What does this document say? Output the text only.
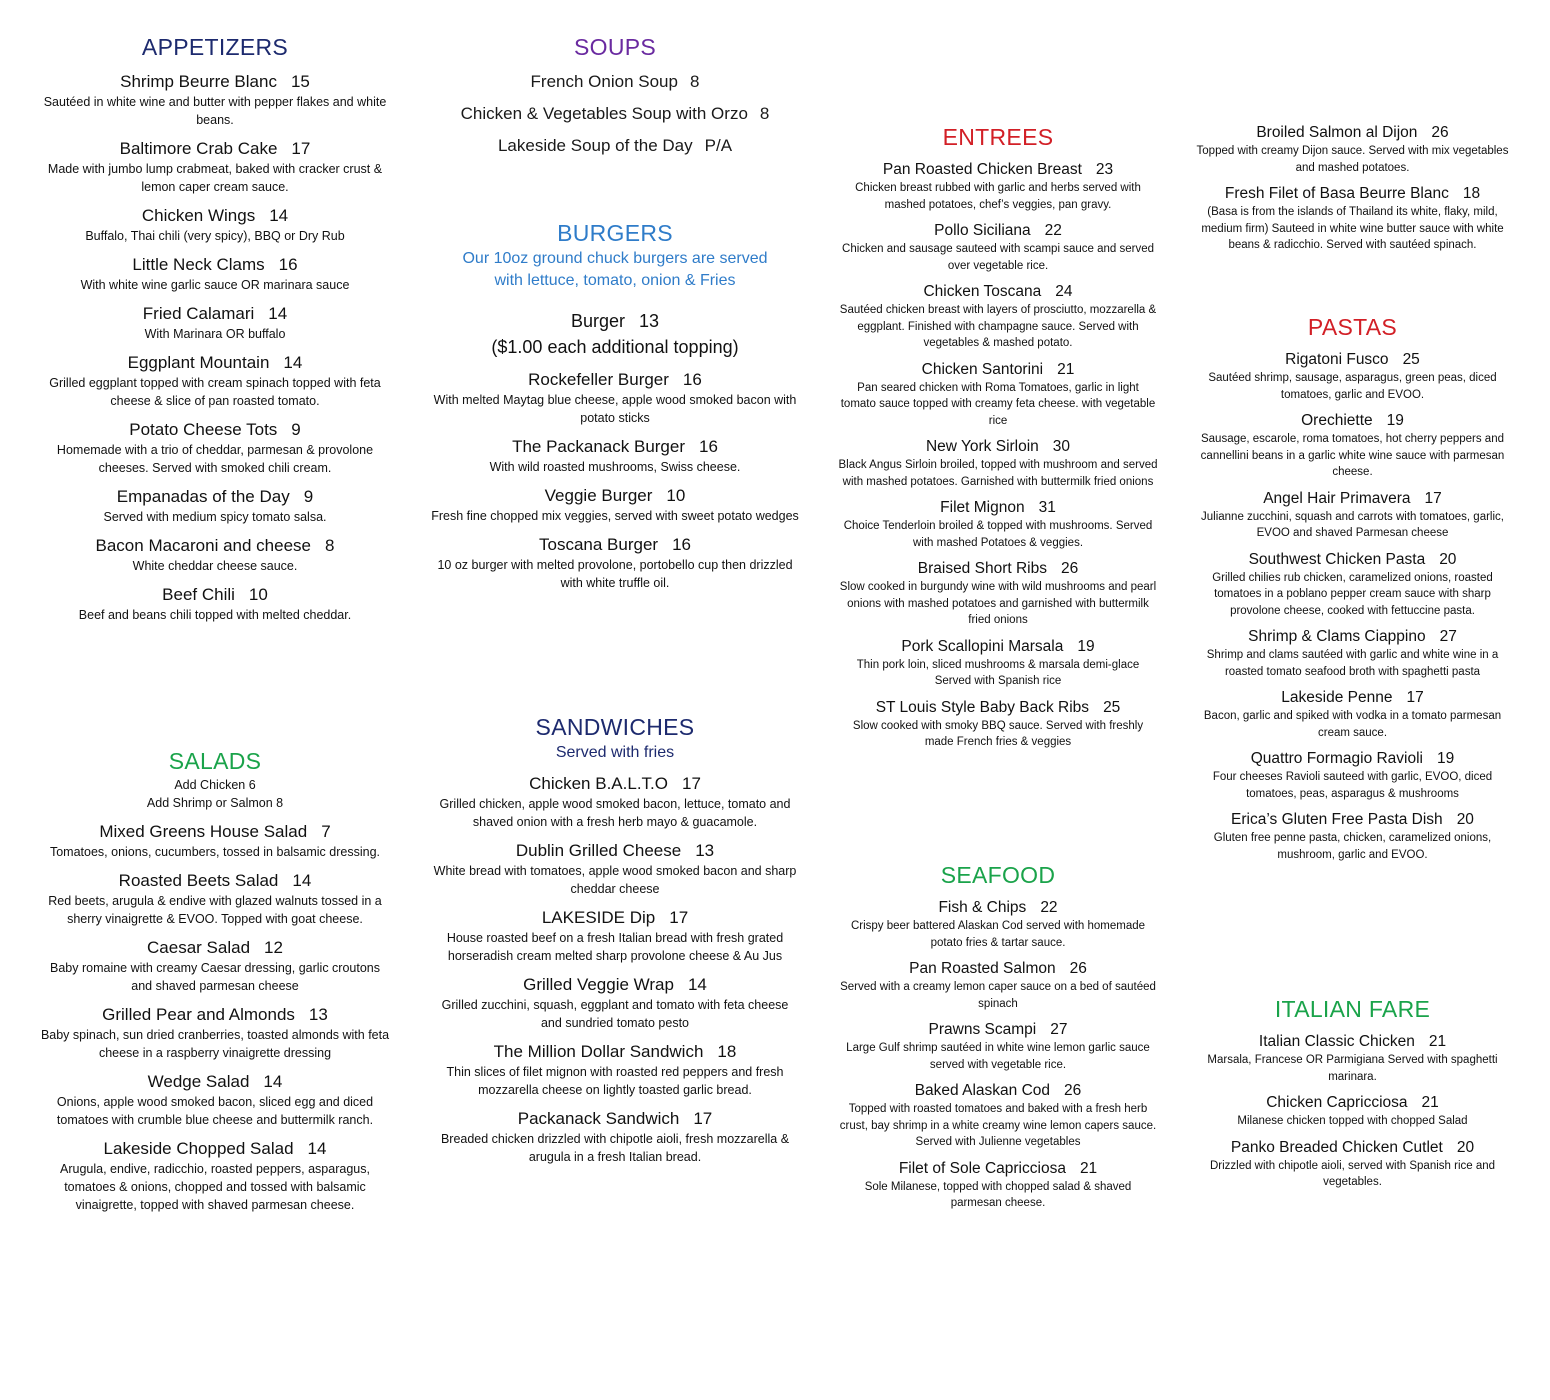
APPETIZERS
Shrimp Beurre Blanc 15
Sautéed in white wine and butter with pepper flakes and white beans.
Baltimore Crab Cake 17
Made with jumbo lump crabmeat, baked with cracker crust & lemon caper cream sauce.
Chicken Wings 14
Buffalo, Thai chili (very spicy), BBQ or Dry Rub
Little Neck Clams 16
With white wine garlic sauce OR marinara sauce
Fried Calamari 14
With Marinara OR buffalo
Eggplant Mountain 14
Grilled eggplant topped with cream spinach topped with feta cheese & slice of pan roasted tomato.
Potato Cheese Tots 9
Homemade with a trio of cheddar, parmesan & provolone cheeses. Served with smoked chili cream.
Empanadas of the Day 9
Served with medium spicy tomato salsa.
Bacon Macaroni and cheese 8
White cheddar cheese sauce.
Beef Chili 10
Beef and beans chili topped with melted cheddar.
SALADS
Add Chicken 6
Add Shrimp or Salmon 8
Mixed Greens House Salad 7
Tomatoes, onions, cucumbers, tossed in balsamic dressing.
Roasted Beets Salad 14
Red beets, arugula & endive with glazed walnuts tossed in a sherry vinaigrette & EVOO. Topped with goat cheese.
Caesar Salad 12
Baby romaine with creamy Caesar dressing, garlic croutons and shaved parmesan cheese
Grilled Pear and Almonds 13
Baby spinach, sun dried cranberries, toasted almonds with feta cheese in a raspberry vinaigrette dressing
Wedge Salad 14
Onions, apple wood smoked bacon, sliced egg and diced tomatoes with crumble blue cheese and buttermilk ranch.
Lakeside Chopped Salad 14
Arugula, endive, radicchio, roasted peppers, asparagus, tomatoes & onions, chopped and tossed with balsamic vinaigrette, topped with shaved parmesan cheese.
SOUPS
French Onion Soup 8
Chicken & Vegetables Soup with Orzo 8
Lakeside Soup of the Day P/A
BURGERS
Our 10oz ground chuck burgers are served with lettuce, tomato, onion & Fries
Burger 13
($1.00 each additional topping)
Rockefeller Burger 16
With melted Maytag blue cheese, apple wood smoked bacon with potato sticks
The Packanack Burger 16
With wild roasted mushrooms, Swiss cheese.
Veggie Burger 10
Fresh fine chopped mix veggies, served with sweet potato wedges
Toscana Burger 16
10 oz burger with melted provolone, portobello cup then drizzled with white truffle oil.
SANDWICHES
Served with fries
Chicken B.A.L.T.O 17
Grilled chicken, apple wood smoked bacon, lettuce, tomato and shaved onion with a fresh herb mayo & guacamole.
Dublin Grilled Cheese 13
White bread with tomatoes, apple wood smoked bacon and sharp cheddar cheese
LAKESIDE Dip 17
House roasted beef on a fresh Italian bread with fresh grated horseradish cream melted sharp provolone cheese & Au Jus
Grilled Veggie Wrap 14
Grilled zucchini, squash, eggplant and tomato with feta cheese and sundried tomato pesto
The Million Dollar Sandwich 18
Thin slices of filet mignon with roasted red peppers and fresh mozzarella cheese on lightly toasted garlic bread.
Packanack Sandwich 17
Breaded chicken drizzled with chipotle aioli, fresh mozzarella & arugula in a fresh Italian bread.
ENTREES
Pan Roasted Chicken Breast 23
Chicken breast rubbed with garlic and herbs served with mashed potatoes, chef’s veggies, pan gravy.
Pollo Siciliana 22
Chicken and sausage sauteed with scampi sauce and served over vegetable rice.
Chicken Toscana 24
Sautéed chicken breast with layers of prosciutto, mozzarella & eggplant. Finished with champagne sauce. Served with vegetables & mashed potato.
Chicken Santorini 21
Pan seared chicken with Roma Tomatoes, garlic in light tomato sauce topped with creamy feta cheese. with vegetable rice
New York Sirloin 30
Black Angus Sirloin broiled, topped with mushroom and served with mashed potatoes. Garnished with buttermilk fried onions
Filet Mignon 31
Choice Tenderloin broiled & topped with mushrooms. Served with mashed Potatoes & veggies.
Braised Short Ribs 26
Slow cooked in burgundy wine with wild mushrooms and pearl onions with mashed potatoes and garnished with buttermilk fried onions
Pork Scallopini Marsala 19
Thin pork loin, sliced mushrooms & marsala demi-glace Served with Spanish rice
ST Louis Style Baby Back Ribs 25
Slow cooked with smoky BBQ sauce. Served with freshly made French fries & veggies
SEAFOOD
Fish & Chips 22
Crispy beer battered Alaskan Cod served with homemade potato fries & tartar sauce.
Pan Roasted Salmon 26
Served with a creamy lemon caper sauce on a bed of sautéed spinach
Prawns Scampi 27
Large Gulf shrimp sautéed in white wine lemon garlic sauce served with vegetable rice.
Baked Alaskan Cod 26
Topped with roasted tomatoes and baked with a fresh herb crust, bay shrimp in a white creamy wine lemon capers sauce. Served with Julienne vegetables
Filet of Sole Capricciosa 21
Sole Milanese, topped with chopped salad & shaved parmesan cheese.
Broiled Salmon al Dijon 26
Topped with creamy Dijon sauce. Served with mix vegetables and mashed potatoes.
Fresh Filet of Basa Beurre Blanc 18
(Basa is from the islands of Thailand its white, flaky, mild, medium firm) Sauteed in white wine butter sauce with white beans & radicchio. Served with sautéed spinach.
PASTAS
Rigatoni Fusco 25
Sautéed shrimp, sausage, asparagus, green peas, diced tomatoes, garlic and EVOO.
Orechiette 19
Sausage, escarole, roma tomatoes, hot cherry peppers and cannellini beans in a garlic white wine sauce with parmesan cheese.
Angel Hair Primavera 17
Julianne zucchini, squash and carrots with tomatoes, garlic, EVOO and shaved Parmesan cheese
Southwest Chicken Pasta 20
Grilled chilies rub chicken, caramelized onions, roasted tomatoes in a poblano pepper cream sauce with sharp provolone cheese, cooked with fettuccine pasta.
Shrimp & Clams Ciappino 27
Shrimp and clams sautéed with garlic and white wine in a roasted tomato seafood broth with spaghetti pasta
Lakeside Penne 17
Bacon, garlic and spiked with vodka in a tomato parmesan cream sauce.
Quattro Formagio Ravioli 19
Four cheeses Ravioli sauteed with garlic, EVOO, diced tomatoes, peas, asparagus & mushrooms
Erica’s Gluten Free Pasta Dish 20
Gluten free penne pasta, chicken, caramelized onions, mushroom, garlic and EVOO.
ITALIAN FARE
Italian Classic Chicken 21
Marsala, Francese OR Parmigiana Served with spaghetti marinara.
Chicken Capricciosa 21
Milanese chicken topped with chopped Salad
Panko Breaded Chicken Cutlet 20
Drizzled with chipotle aioli, served with Spanish rice and vegetables.
